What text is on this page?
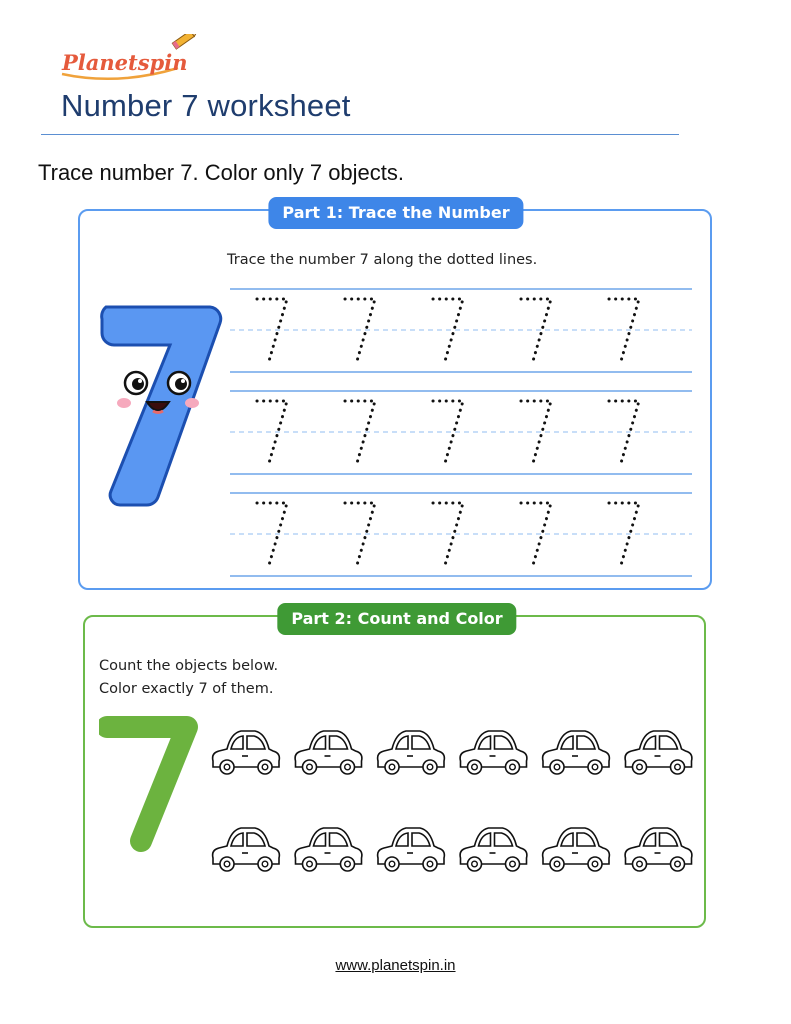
Planetspin
Number 7 worksheet

Trace number 7. Color only 7 objects.

Part 1: Trace the Number
Trace the number 7 along the dotted lines.
Part 2: Count and Color
Count the objects below.
Color exactly 7 of them.
www.planetspin.in
